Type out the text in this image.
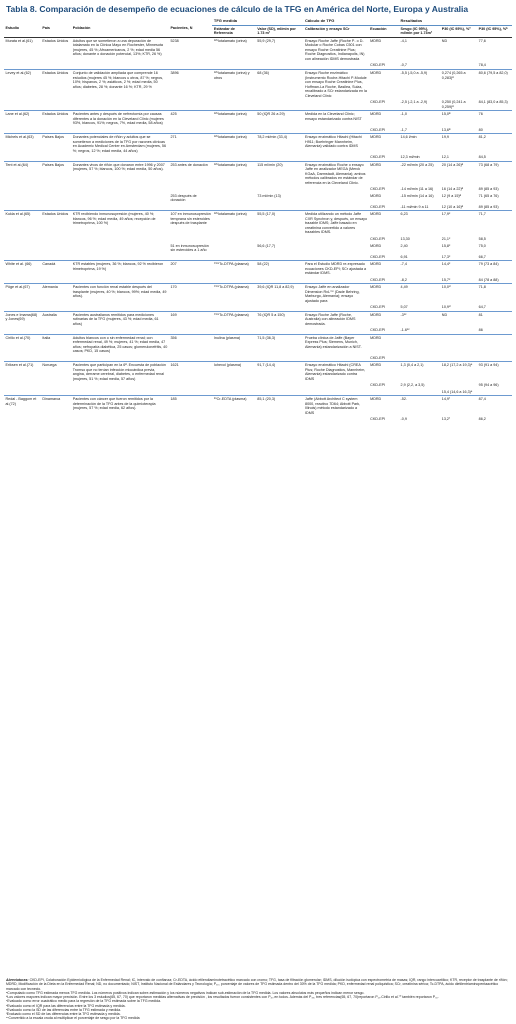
Tabla 8. Comparación de desempeño de ecuaciones de cálculo de la TFG en América del Norte, Europa y Australia
				TFG medida		Cálculo de TFG		Resultados		
Estudio	País	Población	Pacientes, N	Estándar de Referencia	Valor (SD), ml/min por 1.73 m²	Calibración y ensayo SCr	Ecuación	Sesgo (IC 95%), ml/min por 1.73m²	P30 (IC 95%), %ª	P30 (IC 95%), %ᵇ
Murata et al.(61)	Estados Unidos	Adultos que se sometieron a una depuración de iotalamato en la Clínica Mayo en Rochester, Minnesota (mujeres, 45 %; Afroamericanos, 2 %; edad media 56 años; donante o donación potencial, 13%; KTR, 26 %)	5238	¹²⁵Iotalamato (orina)	55,9 (29,7)	Ensayo Roche Jaffe (Roche P- o D- Modular o Roche Cobas C501 con ensayo Roche Creatinine Plus; Roche Diagnostics, Indianapolis, IN) con alineación IDMS demostrada	MDRD	-4,1	ND	77,6
							CKD-EPI	-0,7		78,4
Levey et al.(62)	Estados Unidos	Conjunto de validación ampliada que comprende 16 estudios (mujeres 45 %; blancos u otros, 87 %; negros, 10%; hispanos, 2 %; asiáticos, 2 %; edad media, 50 años; diabetes, 28 %; donante 16 %; KTR, 29 %	3896	¹²⁵Iotalamato (orina) y otros	68 (36)	Ensayo Roche enzimático (Instrumento Roche-Hitachi P-Module con ensayo Roche Creatinine Plus, Hoffman-La Roche, Basilea, Suiza, recalibrado a SCr estandarizada en la Cleveland Clinic	MDRD	-5,5 (-5,0 a -5,9)	0,274 (0,265 a 0,283)ª	80,6 (79,5 a 82,0)
							CKD-EPI	-2,5 (-2,1 a -2,9)	0,250 (0,241 a 0,259)ª	84,1 (83,0 a 85,3)
Lane et al.(62)	Estados Unidos	Pacientes antes y después de nefrectomía por causas diferentes a la donación en la Cleveland Clinic (mujeres 93%, blancos, 91%; negros, 7%, edad media, 58 años)	425	¹²⁵Iotalamato (orina)	50 (IQR 26 a 29)	Medida en la Cleveland Clinic; ensayo estandarizado contra NIST	MDRD	-1,0	15,0ª	76
							CKD-EPI	-1,7	13,6ª	80
Michels et al.(63)	Países Bajos	Donantes potenciales de riñón y adultos que se sometieron a mediciones de la TFG por razones clínicas en Academic Medical Center en Amsterdam (mujeres, 56 %; negros, 12 %; edad media, 44 años)	271	¹²⁵Iotalamato (orina)	78,2 ml/min (33,4)	Ensayo enzimático Hitachi (Hitachi H911; Boehringer Mannheim, Alemania) validado contra IDMS	MDRD	14,6 l/min	19,9	81,2
							CKD-EPI	12,3 ml/min	12,1	84,5
Tent et al.(64)	Países Bajos	Donantes vivos de riñón que donaron entre 1996 y 2007 (mujeres, 57 %; blancos, 100 %; edad media, 50 años).	253 antes de donación	¹²⁵Iotalamato (orina)	115 ml/min (20)	Ensayo enzimático Roche o ensayo Jaffe en analizador MEGA (Merck KGaA, Darmstadt, Alemania); ambos métodos calibrados en estándar de referencia en la Cleveland Clinic.	MDRD	-22 ml/min (20 a 25)	20 (14 a 26)ª	73 (68 a 79)
							CKD-EPI	-14 ml/min (11 a 16)	16 (14 a 22)ª	89 (85 a 93)
			253 después de donación		73 ml/min (13)		MDRD	-15 ml/min (14 a 16)	12 (9 a 15)ª	71 (65 a 76)
							CKD-EPI	-11 ml/min 9 a 11	12 (10 a 16)ª	89 (85 a 93)
Kukla et al.(65)	Estados Unidos	KTR recibiendo inmunosupresión (mujeres, 40 %; blancos, 96 %; edad media, 49 años; recepción de trimetroprima, 100 %)	107 en inmunosupresión temprana sin esteroides después de trasplante	¹²⁵Iotalamato (orina)	55,5 (17,0)	Medida utilizando un método Jaffe CXR Synchron y, después, un ensayo trazable IDMS; Jaffe basado en creatinina convertido a valores trazables IDMS.	MDRD	6,23	17,9ᶜ	71,7
							CKD-EPI	13,30	21,1ᶜ	58,5
			51 en inmunosupresión sin esteroides a 1 año		56,6 (17,7)		MDRD	2,40	15,8ᶜ	75,0
							CKD-EPI	6,91	17,3ᶜ	66,7
White et al. (66)	Canadá	KTR estables (mujeres, 36 %; blancos, 92 % recibieron trimetroprima, 19 %)	207	⁹⁹ᵐTc-DTPA (plasma)	58 (22)	Para el Estudio MDRD re-expresado ecuaciones CKD-EPI; SCr ajustada a estándar IDMS.	MDRD	-7,4	14,4ᶜ	79 (73 a 84)
							CKD-EPI	-8,2	15,7ᶜ	84 (78 a 88)
Pöge et al.(67)	Alemania	Pacientes con función renal estable después del trasplante (mujeres, 40 %; blancos, 99%; edad media, 49 años).	170	⁹⁹ᵐTc-DTPA (plasma)	39,6 (IQR 11,8 a 82,9)	Ensayo Jaffe en analizador Dimension RxL™ (Dade Behring, Marburgo, Alemania); ensayo ajustado para	MDRD	4,49	10,0ᵈ	71,8
							CKD-EPI	5,07	10,9ᵈ	64,7
Jones e Imama(68) y Jones(69)	Australia	Pacientes australianos remitidos para mediciones rutinarias de la TFG (mujeres, 43 %; edad media, 61 años)	169	⁹⁹ᵐTc-DTPA (plasma)	76 (IQR 5 a 150)	Ensayo Roche Jaffe (Roche, Australia) con alineación IDMS demostrada.	MDRD	-3ᶜᶜ	ND	81
							CKD-EPI	-1.6ᶜᶜ		86
Cirillo et al.(70)	Italia	Adultos blancos con o sin enfermedad renal; con enfermedad renal, 49 %; mujeres, 41 %; edad media, 47 años; nefropatía diabética, 25 casos; glomerulonefritis, 40 casos; PKD, 15 casos)	356	Inulina (plasma)	71,5 (36,3)	Prueba clínica de Jaffe (Bayer Express Plus; Siemens, Munich, Alemania) estandarización a NIST.	MDRD			
							CKD-EPI			
Eriksen et al.(71)	Noruega	Pacientes que participan en la 6ª. Encuesta de población Tromso que no tenían infección miocárdica previa, angina, derrame cerebral, diabetes, o enfermedad renal (mujeres, 51 %; edad media, 57 años)	1621	Iohexol (plasma)	91,7 (14,4)	Ensayo enzimático Hitachi (CREA Plus; Roche Diagnostics, Mannheim, Alemania) estandarizado contra IDMS	MDRD	1,3 (0,4 a 2,1)	18,2 (17,2 a 19,3)ᵉ	93 (91 a 94)
							CKD-EPI	2,9 (2,2, a 3,5)		95 (94 a 96)
									15,4 (14,6 a 16,3)ᵉ	
Redal - Baggom et al.(72)	Dinamarca	Pacientes con cáncer que fueron remitidos por la determinación de la TFG antes de la quimioterapia (mujeres, 57 %; edad media, 62 años).	185	⁵¹Cr-EDTA (plasma)	85,1 (20,3)	Jaffe (Abbott Architect C system 8000, reactivo 7D64; Abbott Park, Illinois) método estandarizado a IDMS	MDRD	-52.	14,9ᶠ	87,4
							CKD-EPI	-0,9	13,2ᶠ	86,2

Abreviaturas: CKD-EPI, Colaboración Epidemiológica de la Enfermedad Renal; IC, intervalo de confianza; Cr-EDTA, ácido etilendiaminotetracético marcado con cromo; TFG, tasa de filtración glomerular; IDMS, dilución isotópica con espectrometría de masas; IQR, rango intercuartílico; KTR, receptor de trasplante de riñón; MDRD, Modificación de la Dieta en la Enfermedad Renal; ND, no documentado; NIST, Instituto Nacional de Estándares y Tecnología; P₃₀, porcentaje de valores de TFG estimada dentro del 30% de la TFG medida; PKD, enfermedad renal poliquística; SCr, creatinina sérica; Tc-DTPA, ácido dietilentriaminopentaacético marcado con tecnecio.

ᵃComputado como TFG estimada menos TFG medida. Los números positivos indican sobre-estimación y los números negativos indican sub-estimación de la TFG medida. Los valores absolutos más pequeños indican menor sesgo.

ᵇLos valores mayores indican mayor precisión. Entre los 3 estudios(65, 67, 70) que reportaron medidas alternativas de precisión , los resultados fueron consistentes con P₃₀ en todos. Además del P₃₀, tres referencias(65, 67, 70)reportaron P₁₀.Cirillo et al.⁷⁰ también reportaron P₅₀.

ᶜEvaluado como error cuadrático medio para la regresión de la TFG estimada sobre la TFG medida.

ᵈEvaluado como el IQR para las diferencias entre la TFG estimada y medida.

ᵉEvaluado como la SD de las diferencias entre la TFG estimada y medida.

ᶠEvaluado como el SD de las diferencias entre la TFG estimada y medida.

ᶜᶜConvertido a la escala cruda al multiplicar el porcentaje de sesgo por la TFG medida
